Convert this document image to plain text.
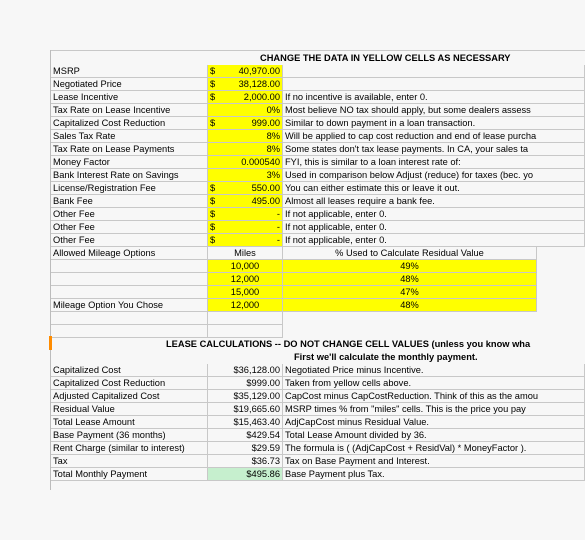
CHANGE THE DATA IN YELLOW CELLS AS NECESSARY
MSRP	$	40,970.00
Negotiated Price	$	38,128.00
Lease Incentive	$	2,000.00 If no incentive is available, enter 0.
Tax Rate on Lease Incentive	0% Most believe NO tax should apply, but some dealers assess
Capitalized Cost Reduction	$	999.00 Similar to down payment in a loan transaction.
Sales Tax Rate	8% Will be applied to cap cost reduction and end of lease purcha
Tax Rate on Lease Payments	8% Some states don't tax lease payments. In CA, your sales ta
Money Factor	0.000540 FYI, this is similar to a loan interest rate of:
Bank Interest Rate on Savings	3% Used in comparison below Adjust (reduce) for taxes (bec. yo
License/Registration Fee	$	550.00 You can either estimate this or leave it out.
Bank Fee	$	495.00 Almost all leases require a bank fee.
Other Fee	$	- If not applicable, enter 0.
Other Fee	$	- If not applicable, enter 0.
Other Fee	$	- If not applicable, enter 0.
Allowed Mileage Options	Miles	% Used to Calculate Residual Value
10,000	49%
12,000	48%
15,000	47%
Mileage Option You Chose	12,000	48%
LEASE CALCULATIONS -- DO NOT CHANGE CELL VALUES (unless you know wha
First we'll calculate the monthly payment.
Capitalized Cost	$36,128.00 Negotiated Price minus Incentive.
Capitalized Cost Reduction	$999.00 Taken from yellow cells above.
Adjusted Capitalized Cost	$35,129.00 CapCost minus CapCostReduction. Think of this as the amou
Residual Value	$19,665.60 MSRP times % from "miles" cells. This is the price you pay
Total Lease Amount	$15,463.40 AdjCapCost minus Residual Value.
Base Payment (36 months)	$429.54 Total Lease Amount divided by 36.
Rent Charge (similar to interest)	$29.59 The formula is ( (AdjCapCost + ResidVal) * MoneyFactor ).
Tax	$36.73 Tax on Base Payment and Interest.
Total Monthly Payment	$495.86 Base Payment plus Tax.
